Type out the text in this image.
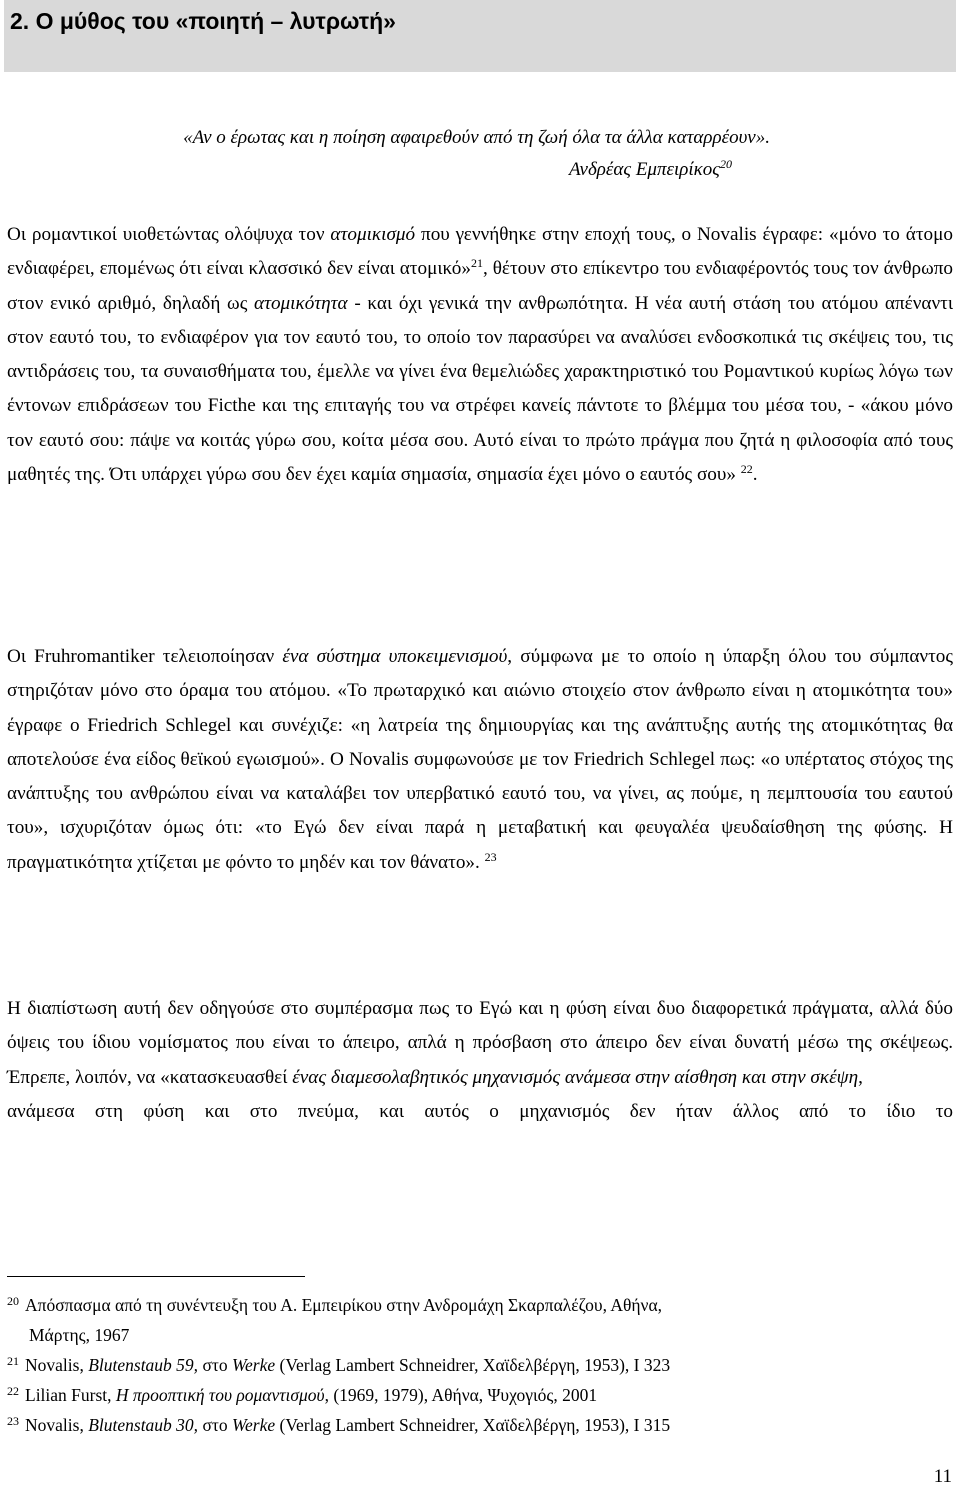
2. Ο μύθος του «ποιητή – λυτρωτή»
«Αν ο έρωτας και η ποίηση αφαιρεθούν από τη ζωή όλα τα άλλα καταρρέουν».

Ανδρέας Εμπειρίκος$^{20}$
Οι ρομαντικοί υιοθετώντας ολόψυχα τον ατομικισμό που γεννήθηκε στην εποχή τους, ο Novalis έγραφε: «μόνο το άτομο ενδιαφέρει, επομένως ότι είναι κλασσικό δεν είναι ατομικό»$^{21}$, θέτουν στο επίκεντρο του ενδιαφέροντός τους τον άνθρωπο στον ενικό αριθμό, δηλαδή ως ατομικότητα - και όχι γενικά την ανθρωπότητα. Η νέα αυτή στάση του ατόμου απέναντι στον εαυτό του, το ενδιαφέρον για τον εαυτό του, το οποίο τον παρασύρει να αναλύσει ενδοσκοπικά τις σκέψεις του, τις αντιδράσεις του, τα συναισθήματα του, έμελλε να γίνει ένα θεμελιώδες χαρακτηριστικό του Ρομαντικού κυρίως λόγω των έντονων επιδράσεων του Ficthe και της επιταγής του να στρέφει κανείς πάντοτε το βλέμμα του μέσα του, - «άκου μόνο τον εαυτό σου: πάψε να κοιτάς γύρω σου, κοίτα μέσα σου. Αυτό είναι το πρώτο πράγμα που ζητά η φιλοσοφία από τους μαθητές της. Ότι υπάρχει γύρω σου δεν έχει καμία σημασία, σημασία έχει μόνο ο εαυτός σου» $^{22}$.
Οι Fruhromantiker τελειοποίησαν ένα σύστημα υποκειμενισμού, σύμφωνα με το οποίο η ύπαρξη όλου του σύμπαντος στηριζόταν μόνο στο όραμα του ατόμου. «Το πρωταρχικό και αιώνιο στοιχείο στον άνθρωπο είναι η ατομικότητα του» έγραφε ο Friedrich Schlegel και συνέχιζε: «η λατρεία της δημιουργίας και της ανάπτυξης αυτής της ατομικότητας θα αποτελούσε ένα είδος θεϊκού εγωισμού». Ο Novalis συμφωνούσε με τον Friedrich Schlegel πως: «ο υπέρτατος στόχος της ανάπτυξης του ανθρώπου είναι να καταλάβει τον υπερβατικό εαυτό του, να γίνει, ας πούμε, η πεμπτουσία του εαυτού του», ισχυριζόταν όμως ότι: «το Εγώ δεν είναι παρά η μεταβατική και φευγαλέα ψευδαίσθηση της φύσης. Η πραγματικότητα χτίζεται με φόντο το μηδέν και τον θάνατο». $^{23}$
Η διαπίστωση αυτή δεν οδηγούσε στο συμπέρασμα πως το Εγώ και η φύση είναι δυο διαφορετικά πράγματα, αλλά δύο όψεις του ίδιου νομίσματος που είναι το άπειρο, απλά η πρόσβαση στο άπειρο δεν είναι δυνατή μέσω της σκέψεως. Έπρεπε, λοιπόν, να «κατασκευασθεί ένας διαμεσολαβητικός μηχανισμός ανάμεσα στην αίσθηση και στην σκέψη,
ανάμεσα στη φύση και στο πνεύμα, και αυτός ο μηχανισμός δεν ήταν άλλος από το ίδιο το
$^{20}$ Απόσπασμα από τη συνέντευξη του Α. Εμπειρίκου στην Ανδρομάχη Σκαρπαλέζου, Αθήνα,
Μάρτης, 1967
$^{21}$ Novalis, Blutenstaub 59, στο Werke (Verlag Lambert Schneidrer, Χαϊδελβέργη, 1953), I 323
$^{22}$ Lilian Furst, Η προοπτική του ρομαντισμού, (1969, 1979), Αθήνα, Ψυχογιός, 2001
$^{23}$ Novalis, Blutenstaub 30, στο Werke (Verlag Lambert Schneidrer, Χαϊδελβέργη, 1953), I 315
11
